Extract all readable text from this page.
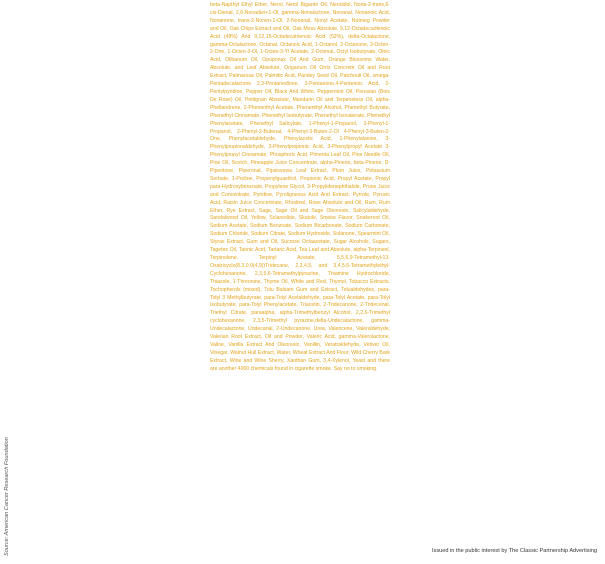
beta-Napthyl Ethyl Ether, Nerol, Nerol Bigarde Oil, Nerolidol, Nona-2-trans,6-cis-Dienal, 2,6-Nonadien-1-Ol, gamma-Nonalactone, Nonanal, Nonanoic Acid, Nonanone, trans-2-Nonen-1-Ol, 2-Nonenal, Nonyl Acetate, Nutmeg Powder and Oil, Oak Chips Extract and Oil, Oak Moss Absolute, 9,12-Octadecadienoic Acid (48%) And 9,12,15-Octadecatrienoic Acid (52%), delta-Octalactone, gamma-Octalactone, Octanal, Octanoic Acid, 1-Octanol, 2-Octanone, 3-Octen-2-One, 1-Octen-3-Ol, 1-Octen-3-Yl Acetate, 2-Octenal, Octyl Isobutyrate, Oleic Acid, Olibanum Oil, Opoponax Oil And Gum, Orange Blossoms Water, Absolute, and Leaf Absolute, Origanum Oil Orris Concrete Oil and Root Extract, Palmarosa Oil, Palmitic Acid, Parsley Seed Oil, Patchouli Oil, omega-Pentadecalactone 2,3-Pentanedione, 2-Pentanone,4-Pentenoic Acid, 2-Pentylpyridine, Pepper Oil, Black And White, Peppermint Oil, Peruvian (Bois De Rose) Oil, Petitgrain Absolute, Mandarin Oil and Terpeneless Oil, alpha-Phellandrene, 2-Phenenthyl Acetate, Phenenthyl Alcohol, Phenethyl Butyrate, Phenethyl Cinnamate, Phenethyl Isobutyrate, Phenethyl Isovalerate, Phenethyl Phenylacetate, Phenethyl Salicylate, 1-Phenyl-1-Propanol, 3-Phenyl-1-Propanol, 2-Phenyl-2-Butenal, 4-Phenyl-3-Buten-2-Ol 4-Phenyl-3-Buten-2-One, Phenylacetaldehyde, Phenylacetic Acid, 1-Phenylalanine, 3-Phenylpropionaldehyde, 3-Phenylpropionic Acid, 3-Phenylpropyl Acetate 3-Phenylpropyl Cinnamate, Phosphoric Acid, Pimenta Leaf Oil, Pine Needle Oil, Pine Oil, Scotch, Pineapple Juice Concentrate, alpha-Pinene, beta-Pinene, D-Piperitone, Piperonal, Pipsissewa Leaf Extract, Plum Juice, Potassium Sorbate, 1-Proline, Propenylguaethol, Propionic Acid, Propyl Acetate, Propyl para-Hydroxybenzoate, Propylene Glycol, 3-Propylidenephthalide, Prune Juice and Concentrate, Pyridine, Pyroligneous Acid And Extract, Pyrrole, Pyruvic Acid, Raisin Juice Concentrate, Rhodinol, Rose Absolute and Oil, Rum, Rum Ether, Rye Extract, Sage, Sage Oil and Sage Oleoresin, Salicylaldehyde, Sandalwood Oil, Yellow, Sclareolide, Skatole, Smoke Flavor, Snakeroot Oil, Sodium Acetate, Sodium Benzoate, Sodium Bicarbonate, Sodium Carbonate, Sodium Chloride, Sodium Citrate, Sodium Hydroxide, Solanone, Spearmint Oil, Styrax Extract, Gum and Oil, Sucrose Octaacetate, Sugar Alcohols, Sugars, Tagetes Oil, Tannic Acid, Tartaric Acid, Tea Leaf and Absolute, alpha-Terpineol, Terpinolene, Terpinyl Acetate, 5,5,6,9-Tetramethyl-13-Oxatricyclo(8.3.0.0(4,9))Tridecane, 2,3,4,5, and 3,4,5,6-Tetramethylethyl-Cyclohexanone, 2,3,5,6-Tetramethylpyrazine, Thiamine Hydrochloride, Thiazole, 1-Threonine, Thyme Oil, White and Red, Thymol, Tobacco Extracts, Tochopherols (mixed), Tolu Balsam Gum and Extract, Tolualdehydes, para-Tolyl 3 Methylbutyrate, para-Tolyl Acetaldehyde, para-Tolyl Acetate, para-Tolyl Isobutyrate, para-Tolyl Phenylacetate, Triacetin, 2-Tridecanone, 2-Tridecenal, Triethyl Citrate, paraalpha, alpha-Trimethylbenzyl Alcohol, 2,2,6-Trimethyl cyclohexanone, 2,3,5-Trimethyl pyrazine,delta-Undecalactone, gamma-Undecalactone, Undecanal, 2-Undecanone, Urea, Valencene, Valeraldehyde, Valerian Root Extract, Oil and Powder, Valeric Acid, gamma-Valerolactone, Valine, Vanilla Extract And Oleoresin, Vanillin, Veratraldehyde, Vetiver Oil, Vinegar, Walnut Hull Extract, Water, Wheat Extract And Flour, Wild Cherry Bark Extract, Wine and Wine Sherry, Xanthan Gum, 3,4-Xylenol, Yeast and there are another 4000 chemicals found in cigarette smoke. Say no to smoking.

Source: American Cancer Research Foundation	Issued in the public interest by The Classic Partnership Advertising
